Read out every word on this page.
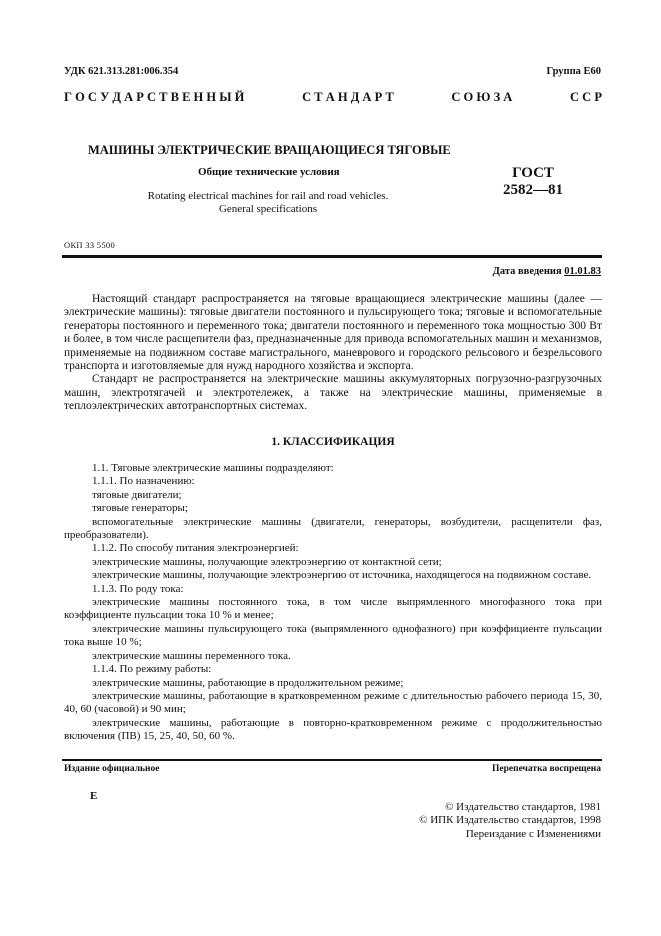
УДК 621.313.281:006.354	Группа E60
Г О С У Д А Р С Т В Е Н Н Ы Й	С Т А Н Д А Р Т	С О Ю З А	С С Р
МАШИНЫ ЭЛЕКТРИЧЕСКИЕ ВРАЩАЮЩИЕСЯ ТЯГОВЫЕ
Общие технические условия
Rotating electrical machines for rail and road vehicles.
General specifications
ГОСТ
2582—81
ОКП 33 5500
Дата введения 01.01.83

Настоящий стандарт распространяется на тяговые вращающиеся электрические машины (далее — электрические машины): тяговые двигатели постоянного и пульсирующего тока; тяговые и вспомогательные генераторы постоянного и переменного тока; двигатели постоянного и переменного тока мощностью 300 Вт и более, в том числе расщепители фаз, предназначенные для привода вспомогательных машин и механизмов, применяемые на подвижном составе магистрального, маневрового и городского рельсового и безрельсового транспорта и изготовляемые для нужд народного хозяйства и экспорта.

Стандарт не распространяется на электрические машины аккумуляторных погрузочно-разгрузочных машин, электротягачей и электротележек, а также на электрические машины, применяемые в теплоэлектрических автотранспортных системах.

1. КЛАССИФИКАЦИЯ

1.1. Тяговые электрические машины подразделяют:

1.1.1. По назначению:

тяговые двигатели;

тяговые генераторы;

вспомогательные электрические машины (двигатели, генераторы, возбудители, расщепители фаз, преобразователи).

1.1.2. По способу питания электроэнергией:

электрические машины, получающие электроэнергию от контактной сети;

электрические машины, получающие электроэнергию от источника, находящегося на подвижном составе.

1.1.3. По роду тока:

электрические машины постоянного тока, в том числе выпрямленного многофазного тока при коэффициенте пульсации тока 10 % и менее;

электрические машины пульсирующего тока (выпрямленного однофазного) при коэффициенте пульсации тока выше 10 %;

электрические машины переменного тока.

1.1.4. По режиму работы:

электрические машины, работающие в продолжительном режиме;

электрические машины, работающие в кратковременном режиме с длительностью рабочего периода 15, 30, 40, 60 (часовой) и 90 мин;

электрические машины, работающие в повторно-кратковременном режиме с продолжительностью включения (ПВ) 15, 25, 40, 50, 60 %.

Издание официальное	Перепечатка воспрещена
E

© Издательство стандартов, 1981

© ИПК Издательство стандартов, 1998

Переиздание с Изменениями
